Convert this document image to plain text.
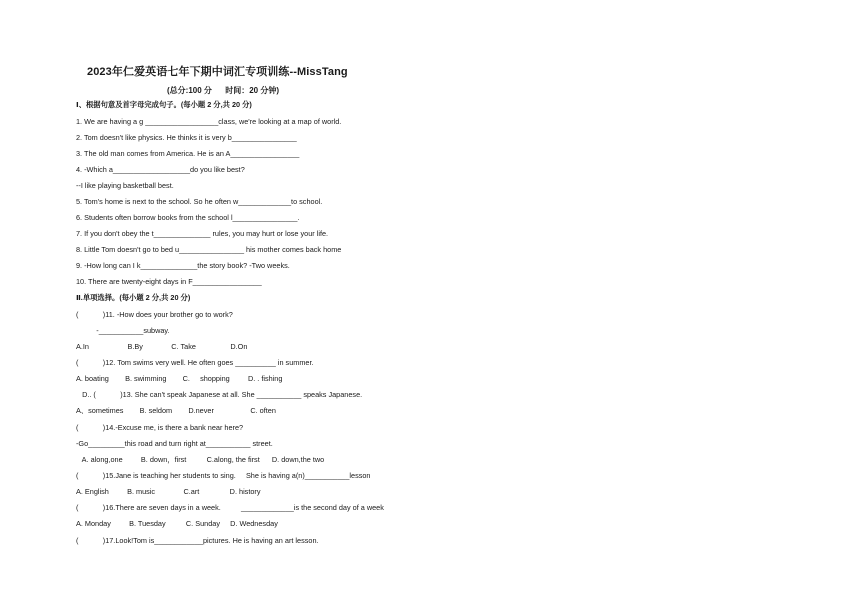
2023年仁爱英语七年下期中词汇专项训练--MissTang
(总分:100 分      时间：20 分钟)
Ⅰ、根据句意及首字母完成句子。(每小题 2 分,共 20 分)
1. We are having a g __________________class, we're looking at a map of world.
2. Tom doesn't like physics. He thinks it is very b________________
3. The old man comes from America. He is an A_________________
4. -Which a___________________do you like best?
--I like playing basketball best.
5. Tom's home is next to the school. So he often w_____________to school.
6. Students often borrow books from the school l________________.
7. If you don't obey the t______________ rules, you may hurt or lose your life.
8. Little Tom doesn't go to bed u________________ his mother comes back home
9. -How long can I k______________the story book? -Two weeks.
10. There are twenty-eight days in F_________________
Ⅱ.单项选择。(每小题 2 分,共 20 分)
(            )11. -How does your brother go to work?
-___________subway.
A.In                   B.By              C. Take                 D.On
(            )12. Tom swims very well. He often goes __________ in summer.
A. boating        B. swimming        C.     shopping         D. . fishing
D.. (            )13. She can't speak Japanese at all. She ___________ speaks Japanese.
A、sometimes        B. seldom        D.never                  C. often
(            )14.-Excuse me, is there a bank near here?
-Go_________this road and turn right at___________ street.
A. along,one         B. down，first          C.along, the first      D. down,the two
(            )15.Jane is teaching her students to sing.     She is having a(n)___________lesson
A. English         B. music              C.art               D. history
(            )16.There are seven days in a week.          _____________is the second day of a week
A. Monday         B. Tuesday          C. Sunday     D. Wednesday
(            )17.Look!Tom is____________pictures. He is having an art lesson.
